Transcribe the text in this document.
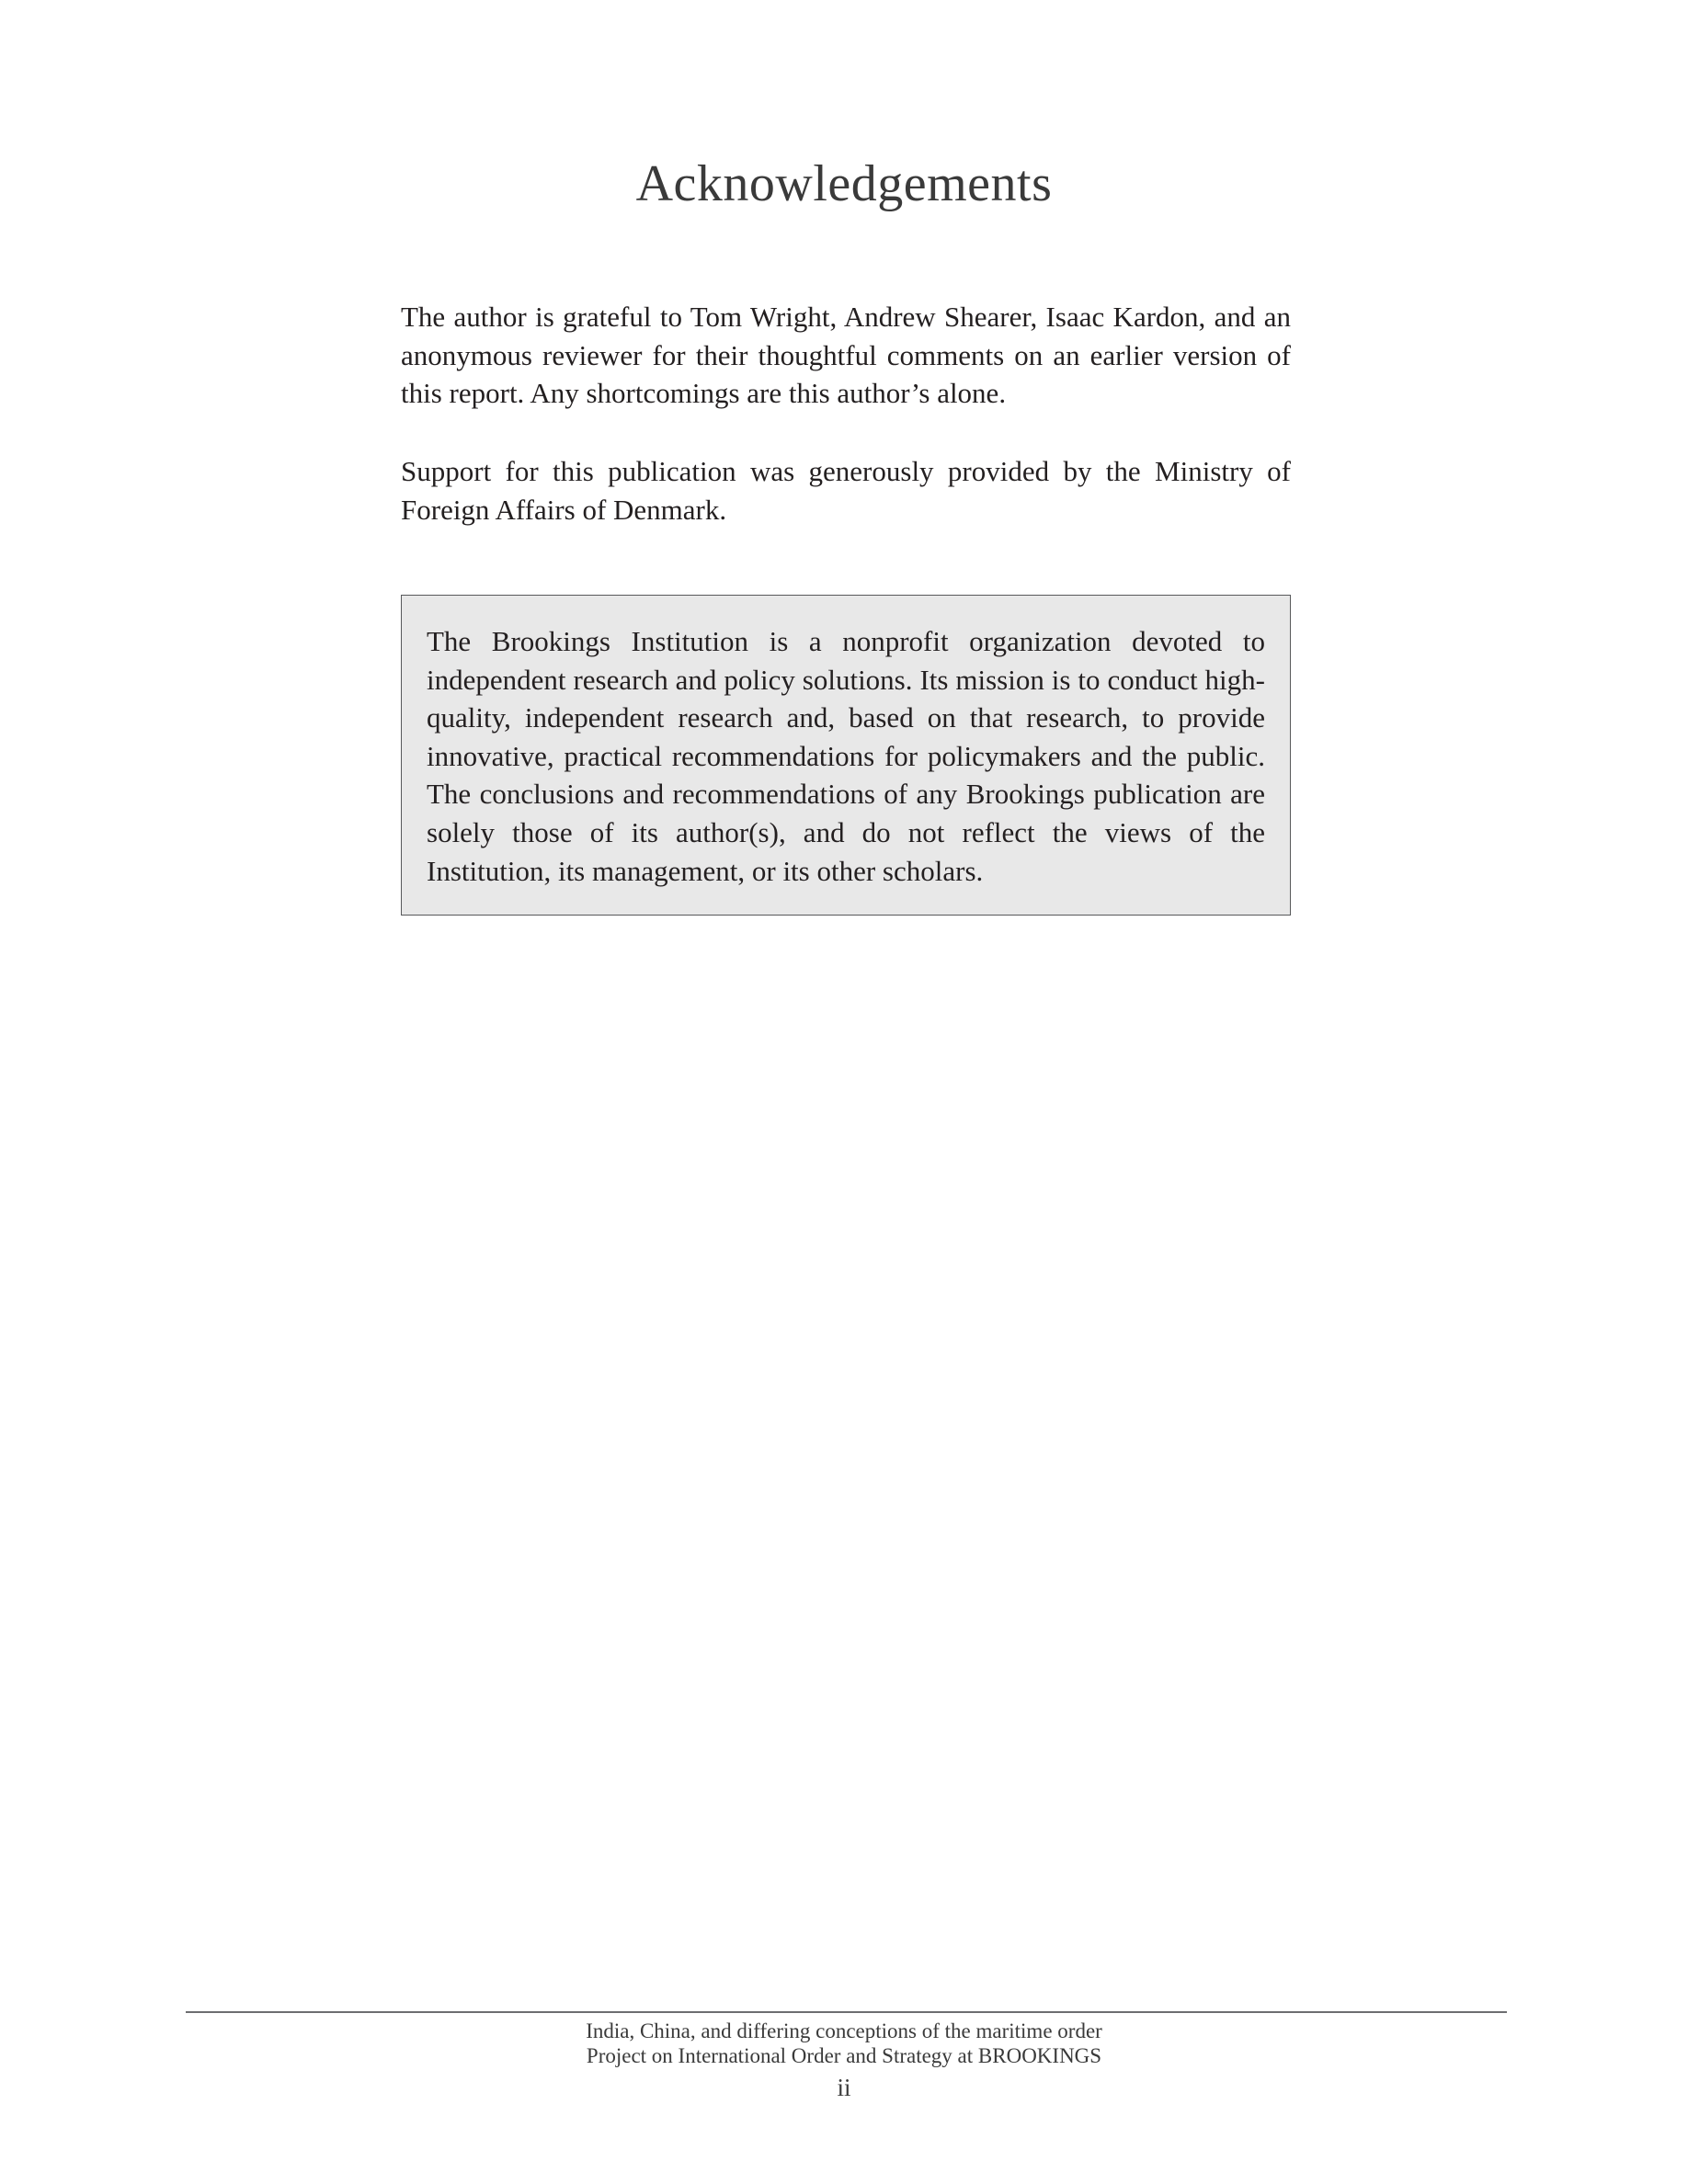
Acknowledgements

The author is grateful to Tom Wright, Andrew Shearer, Isaac Kardon, and an anonymous reviewer for their thoughtful comments on an earlier version of this report. Any shortcomings are this author’s alone.

Support for this publication was generously provided by the Ministry of Foreign Affairs of Denmark.

The Brookings Institution is a nonprofit organization devoted to independent research and policy solutions. Its mission is to conduct high-quality, independent research and, based on that research, to provide innovative, practical recommendations for policymakers and the public. The conclusions and recommendations of any Brookings publication are solely those of its author(s), and do not reflect the views of the Institution, its management, or its other scholars.

India, China, and differing conceptions of the maritime order

Project on International Order and Strategy at BROOKINGS

ii
